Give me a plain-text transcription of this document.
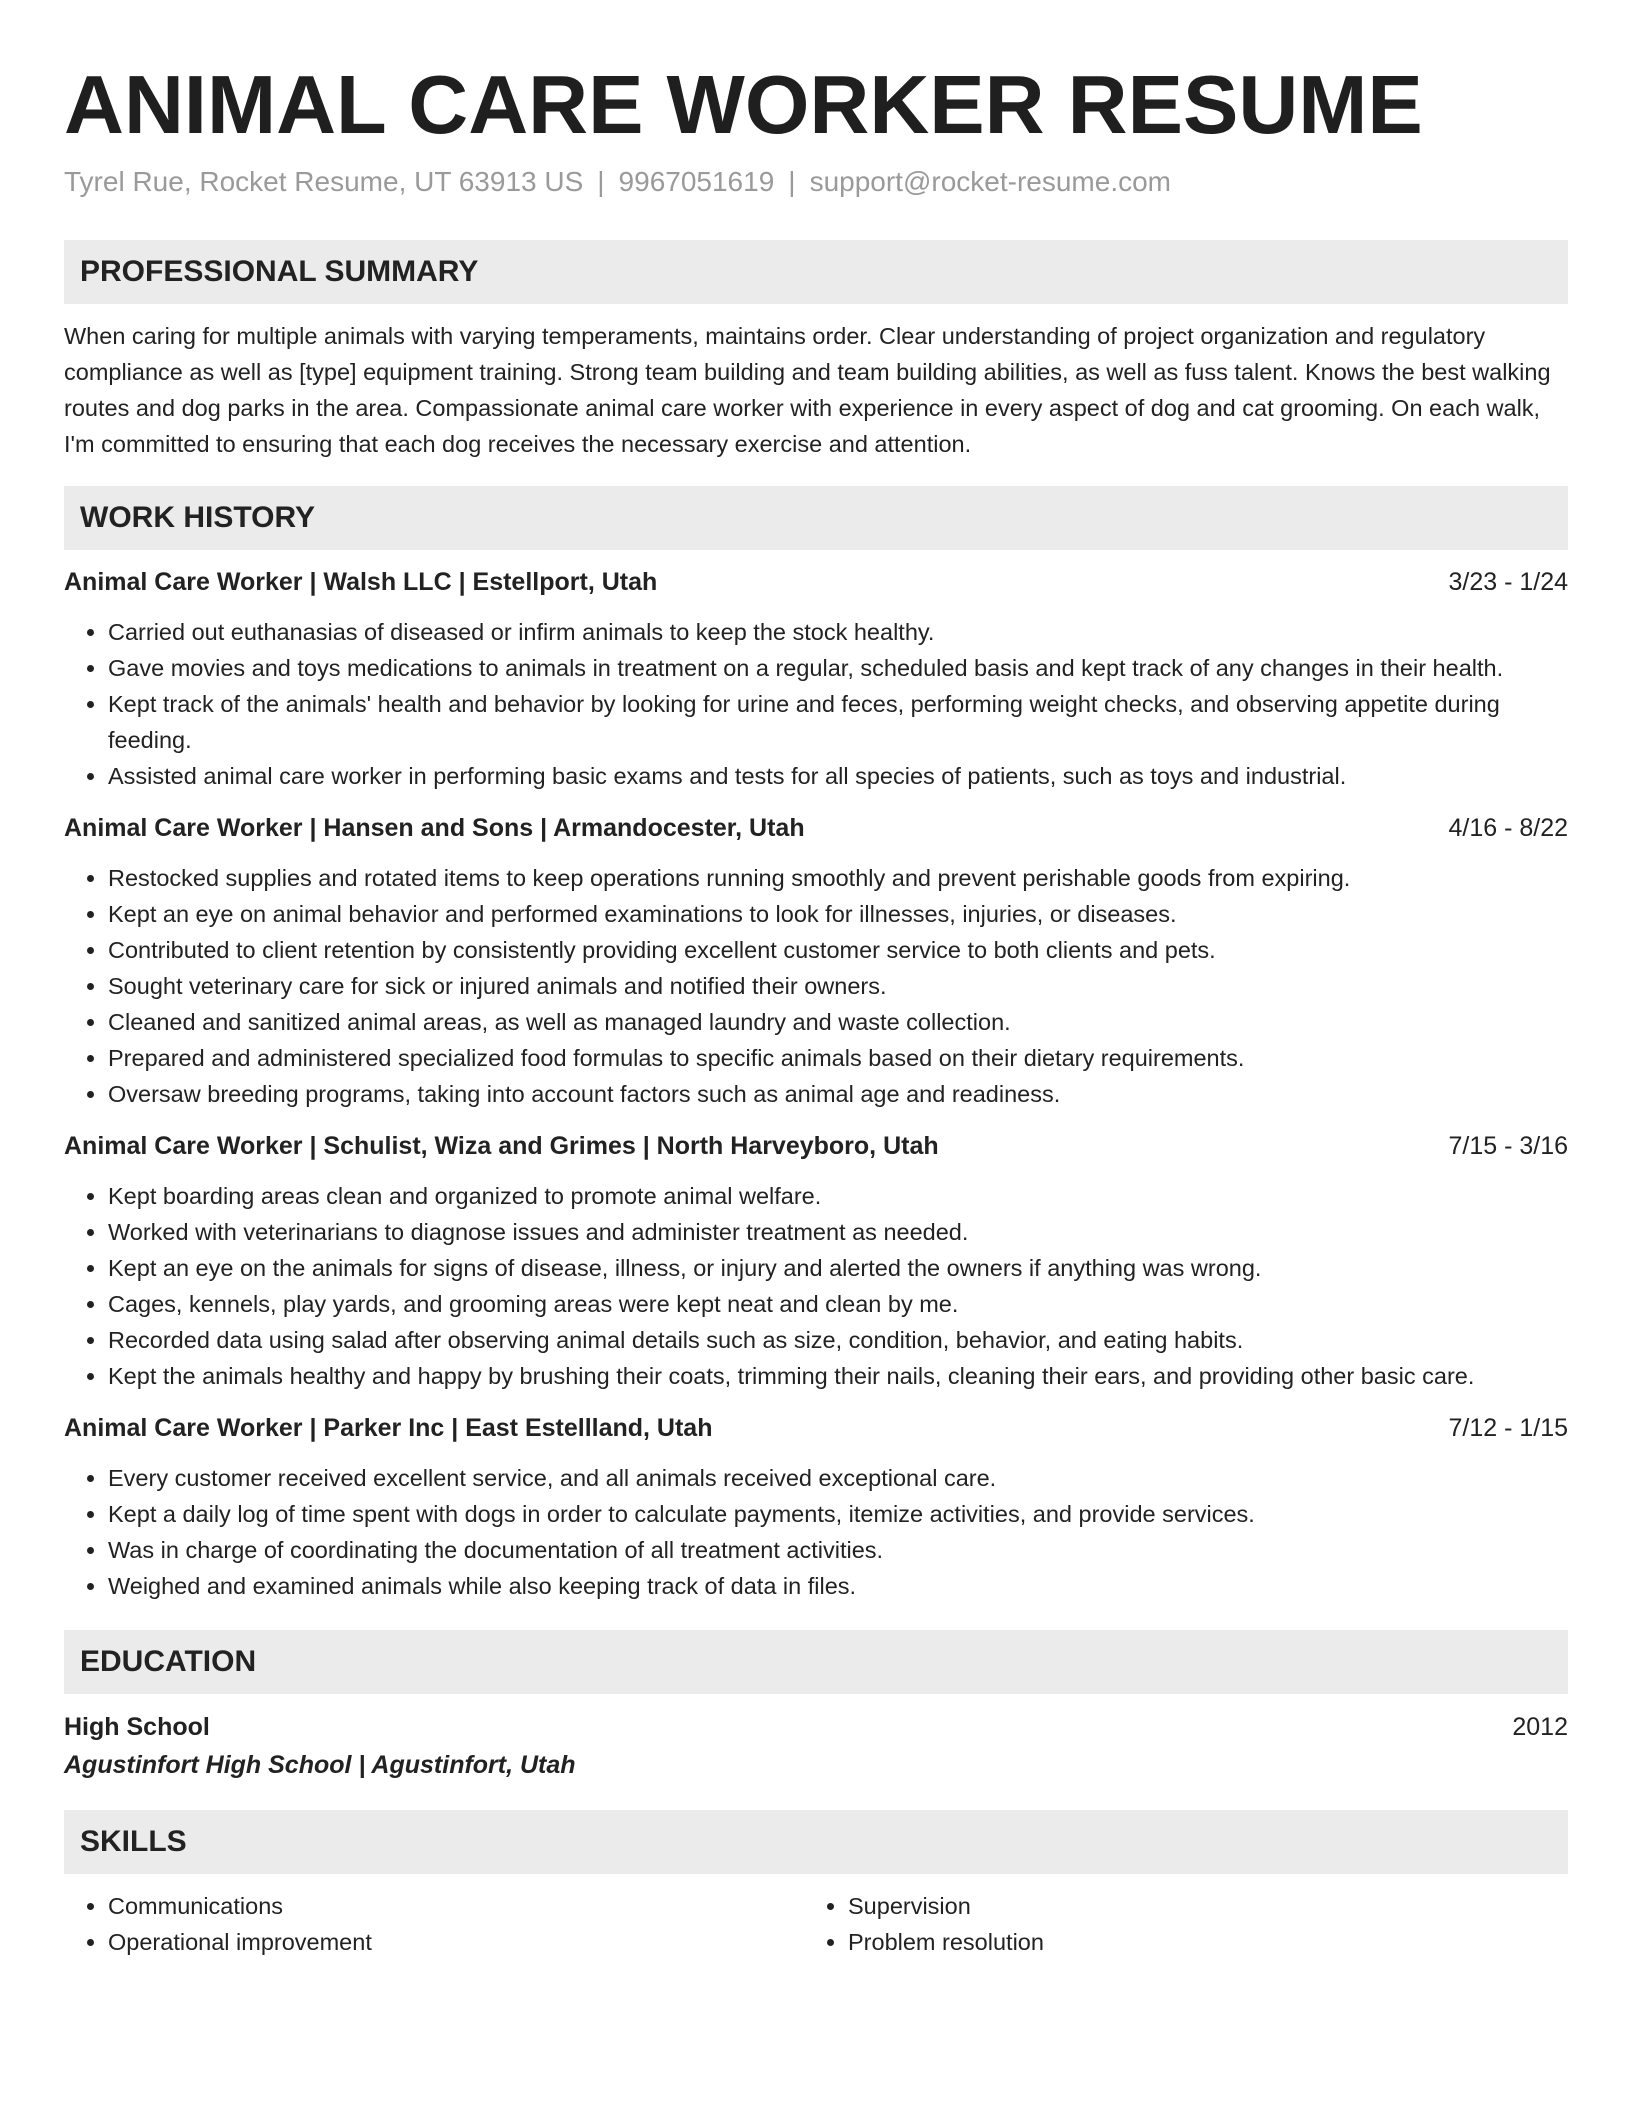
ANIMAL CARE WORKER RESUME
Tyrel Rue, Rocket Resume, UT 63913 US | 9967051619 | support@rocket-resume.com
PROFESSIONAL SUMMARY

When caring for multiple animals with varying temperaments, maintains order. Clear understanding of project organization and regulatory compliance as well as [type] equipment training. Strong team building and team building abilities, as well as fuss talent. Knows the best walking routes and dog parks in the area. Compassionate animal care worker with experience in every aspect of dog and cat grooming. On each walk, I'm committed to ensuring that each dog receives the necessary exercise and attention.

WORK HISTORY
Animal Care Worker | Walsh LLC | Estellport, Utah	3/23 - 1/24
• Carried out euthanasias of diseased or infirm animals to keep the stock healthy.
• Gave movies and toys medications to animals in treatment on a regular, scheduled basis and kept track of any changes in their health.
• Kept track of the animals' health and behavior by looking for urine and feces, performing weight checks, and observing appetite during feeding.
• Assisted animal care worker in performing basic exams and tests for all species of patients, such as toys and industrial.
Animal Care Worker | Hansen and Sons | Armandocester, Utah	4/16 - 8/22
• Restocked supplies and rotated items to keep operations running smoothly and prevent perishable goods from expiring.
• Kept an eye on animal behavior and performed examinations to look for illnesses, injuries, or diseases.
• Contributed to client retention by consistently providing excellent customer service to both clients and pets.
• Sought veterinary care for sick or injured animals and notified their owners.
• Cleaned and sanitized animal areas, as well as managed laundry and waste collection.
• Prepared and administered specialized food formulas to specific animals based on their dietary requirements.
• Oversaw breeding programs, taking into account factors such as animal age and readiness.
Animal Care Worker | Schulist, Wiza and Grimes | North Harveyboro, Utah	7/15 - 3/16
• Kept boarding areas clean and organized to promote animal welfare.
• Worked with veterinarians to diagnose issues and administer treatment as needed.
• Kept an eye on the animals for signs of disease, illness, or injury and alerted the owners if anything was wrong.
• Cages, kennels, play yards, and grooming areas were kept neat and clean by me.
• Recorded data using salad after observing animal details such as size, condition, behavior, and eating habits.
• Kept the animals healthy and happy by brushing their coats, trimming their nails, cleaning their ears, and providing other basic care.
Animal Care Worker | Parker Inc | East Estellland, Utah	7/12 - 1/15
• Every customer received excellent service, and all animals received exceptional care.
• Kept a daily log of time spent with dogs in order to calculate payments, itemize activities, and provide services.
• Was in charge of coordinating the documentation of all treatment activities.
• Weighed and examined animals while also keeping track of data in files.
EDUCATION
High School	2012
Agustinfort High School | Agustinfort, Utah
SKILLS
• Communications
• Operational improvement
• Supervision
• Problem resolution
